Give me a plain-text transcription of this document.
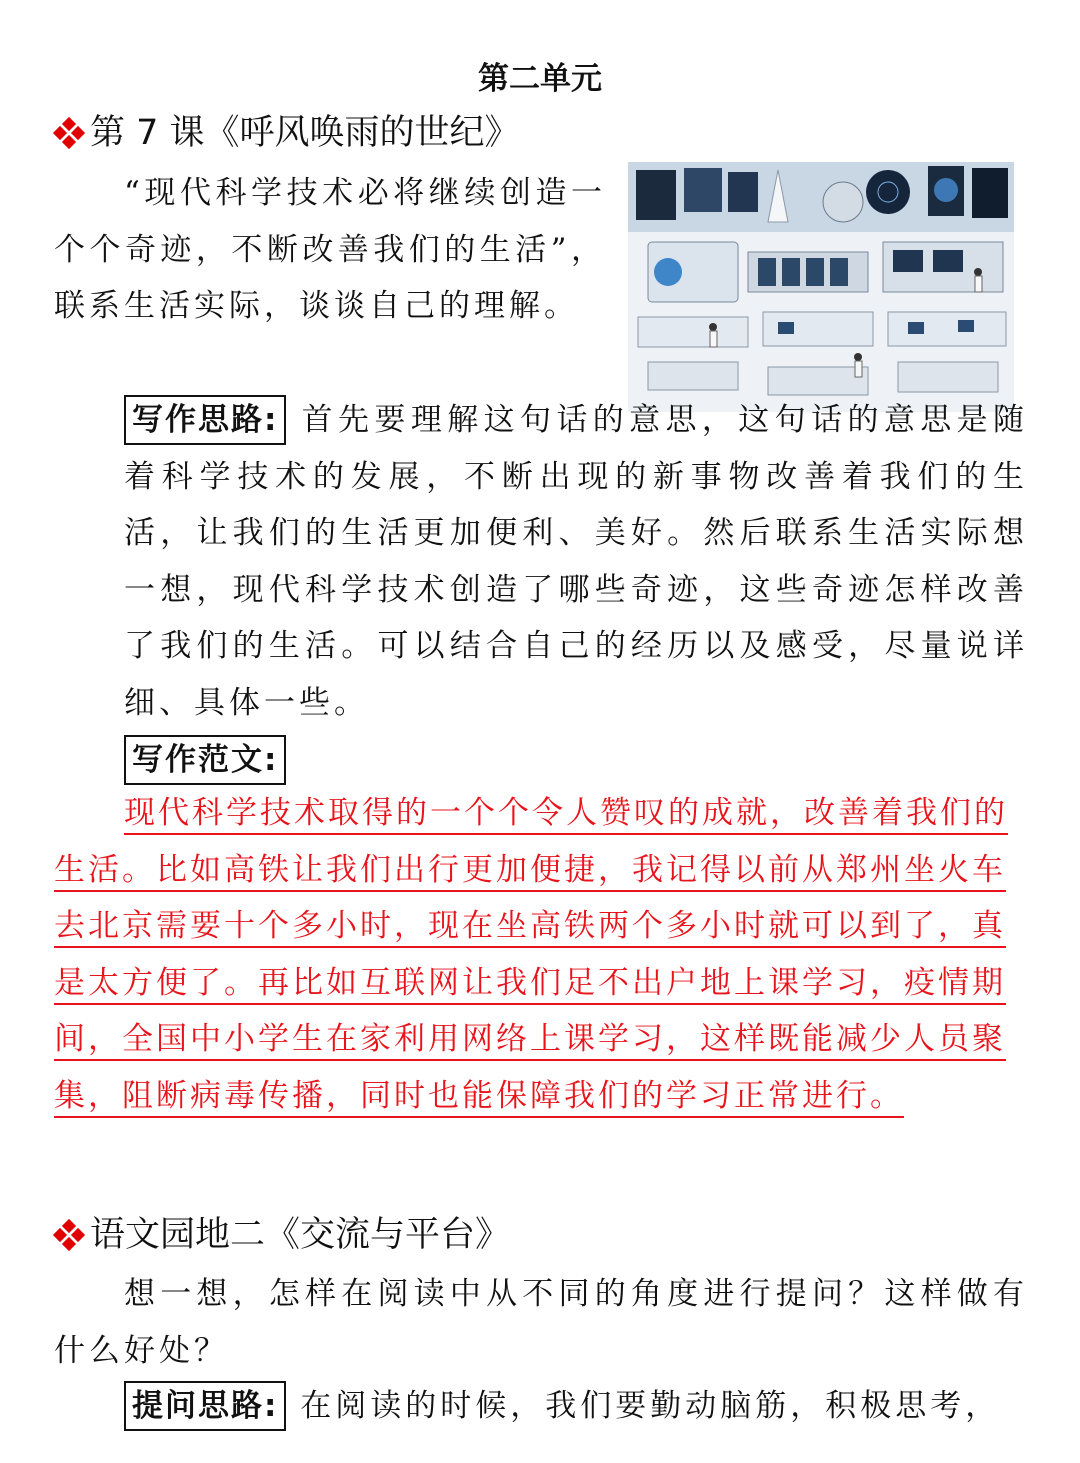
第二单元
第 7 课《呼风唤雨的世纪》

“现代科学技术必将继续创造一个个奇迹，不断改善我们的生活”，联系生活实际，谈谈自己的理解。

写作思路: 首先要理解这句话的意思，这句话的意思是随着科学技术的发展，不断出现的新事物改善着我们的生活，让我们的生活更加便利、美好。然后联系生活实际想一想，现代科学技术创造了哪些奇迹，这些奇迹怎样改善了我们的生活。可以结合自己的经历以及感受，尽量说详细、具体一些。

写作范文:

现代科学技术取得的一个个令人赞叹的成就，改善着我们的生活。比如高铁让我们出行更加便捷，我记得以前从郑州坐火车去北京需要十个多小时，现在坐高铁两个多小时就可以到了，真是太方便了。再比如互联网让我们足不出户地上课学习，疫情期间，全国中小学生在家利用网络上课学习，这样既能减少人员聚集，阻断病毒传播，同时也能保障我们的学习正常进行。

语文园地二《交流与平台》

想一想，怎样在阅读中从不同的角度进行提问？这样做有什么好处？

提问思路: 在阅读的时候，我们要勤动脑筋，积极思考，
